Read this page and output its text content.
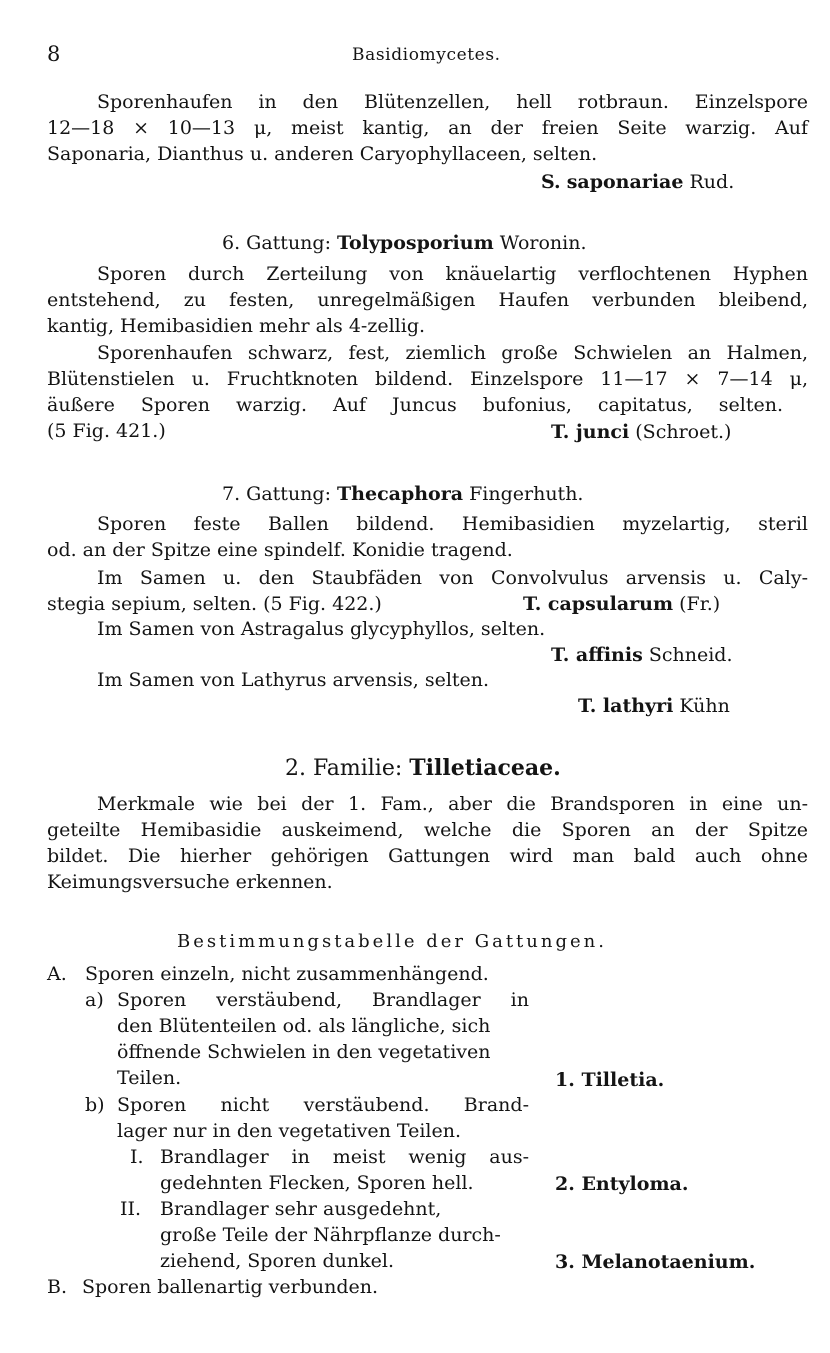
8	Basidiomycetes.
Sporenhaufen in den Blütenzellen, hell rotbraun. Einzelspore
12—18 × 10—13 μ, meist kantig, an der freien Seite warzig. Auf
Saponaria, Dianthus u. anderen Caryophyllaceen, selten.
S. saponariae Rud.
6. Gattung: Tolyposporium Woronin.
Sporen durch Zerteilung von knäuelartig verflochtenen Hyphen
entstehend, zu festen, unregelmäßigen Haufen verbunden bleibend,
kantig, Hemibasidien mehr als 4-zellig.
Sporenhaufen schwarz, fest, ziemlich große Schwielen an Halmen,
Blütenstielen u. Fruchtknoten bildend. Einzelspore 11—17 × 7—14 μ,
äußere Sporen warzig. Auf Juncus bufonius, capitatus, selten.
(5 Fig. 421.)	T. junci (Schroet.)
7. Gattung: Thecaphora Fingerhuth.
Sporen feste Ballen bildend. Hemibasidien myzelartig, steril
od. an der Spitze eine spindelf. Konidie tragend.
Im Samen u. den Staubfäden von Convolvulus arvensis u. Caly-
stegia sepium, selten. (5 Fig. 422.)	T. capsularum (Fr.)
Im Samen von Astragalus glycyphyllos, selten.
T. affinis Schneid.
Im Samen von Lathyrus arvensis, selten.
T. lathyri Kühn
2. Familie: Tilletiaceae.
Merkmale wie bei der 1. Fam., aber die Brandsporen in eine un-
geteilte Hemibasidie auskeimend, welche die Sporen an der Spitze
bildet. Die hierher gehörigen Gattungen wird man bald auch ohne
Keimungsversuche erkennen.
Bestimmungstabelle der Gattungen.
A. Sporen einzeln, nicht zusammenhängend.
a) Sporen verstäubend, Brandlager in
den Blütenteilen od. als längliche, sich
öffnende Schwielen in den vegetativen
Teilen.	1. Tilletia.
b) Sporen nicht verstäubend. Brand-
lager nur in den vegetativen Teilen.
I. Brandlager in meist wenig aus-
gedehnten Flecken, Sporen hell.	2. Entyloma.
II. Brandlager sehr ausgedehnt,
große Teile der Nährpflanze durch-
ziehend, Sporen dunkel.	3. Melanotaenium.
B. Sporen ballenartig verbunden.
